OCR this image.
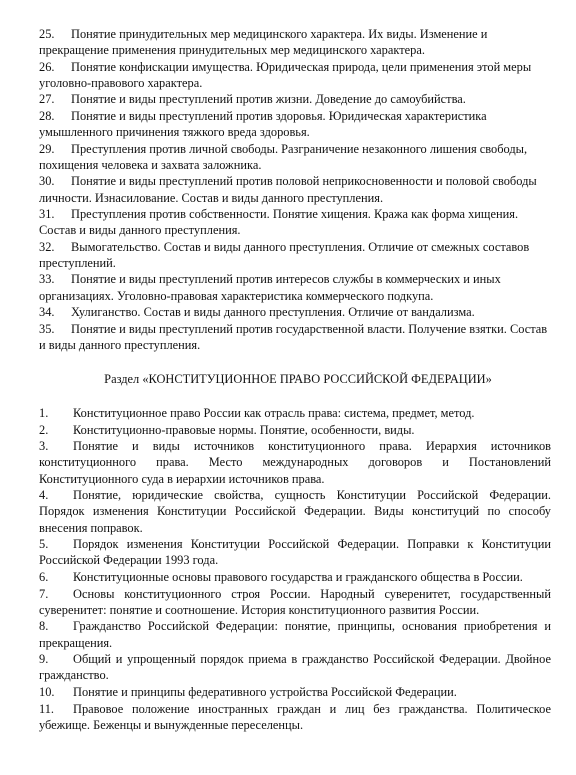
25. Понятие принудительных мер медицинского характера. Их виды. Изменение и прекращение применения принудительных мер медицинского характера.

26. Понятие конфискации имущества. Юридическая природа, цели применения этой меры уголовно-правового характера.

27. Понятие и виды преступлений против жизни. Доведение до самоубийства.

28. Понятие и виды преступлений против здоровья. Юридическая характеристика умышленного причинения тяжкого вреда здоровья.

29. Преступления против личной свободы. Разграничение незаконного лишения свободы, похищения человека и захвата заложника.

30. Понятие и виды преступлений против половой неприкосновенности и половой свободы личности. Изнасилование. Состав и виды данного преступления.

31. Преступления против собственности. Понятие хищения. Кража как форма хищения. Состав и виды данного преступления.

32. Вымогательство. Состав и виды данного преступления. Отличие от смежных составов преступлений.

33. Понятие и виды преступлений против интересов службы в коммерческих и иных организациях. Уголовно-правовая характеристика коммерческого подкупа.

34. Хулиганство. Состав и виды данного преступления. Отличие от вандализма.

35. Понятие и виды преступлений против государственной власти. Получение взятки. Состав и виды данного преступления.

Раздел «КОНСТИТУЦИОННОЕ ПРАВО РОССИЙСКОЙ ФЕДЕРАЦИИ»

1. Конституционное право России как отрасль права: система, предмет, метод.

2. Конституционно-правовые нормы. Понятие, особенности, виды.

3. Понятие и виды источников конституционного права. Иерархия источников конституционного права. Место международных договоров и Постановлений Конституционного суда в иерархии источников права.

4. Понятие, юридические свойства, сущность Конституции Российской Федерации. Порядок изменения Конституции Российской Федерации. Виды конституций по способу внесения поправок.

5. Порядок изменения Конституции Российской Федерации. Поправки к Конституции Российской Федерации 1993 года.

6. Конституционные основы правового государства и гражданского общества в России.

7. Основы конституционного строя России. Народный суверенитет, государственный суверенитет: понятие и соотношение. История конституционного развития России.

8. Гражданство Российской Федерации: понятие, принципы, основания приобретения и прекращения.

9. Общий и упрощенный порядок приема в гражданство Российской Федерации. Двойное гражданство.

10. Понятие и принципы федеративного устройства Российской Федерации.

11. Правовое положение иностранных граждан и лиц без гражданства. Политическое убежище. Беженцы и вынужденные переселенцы.
